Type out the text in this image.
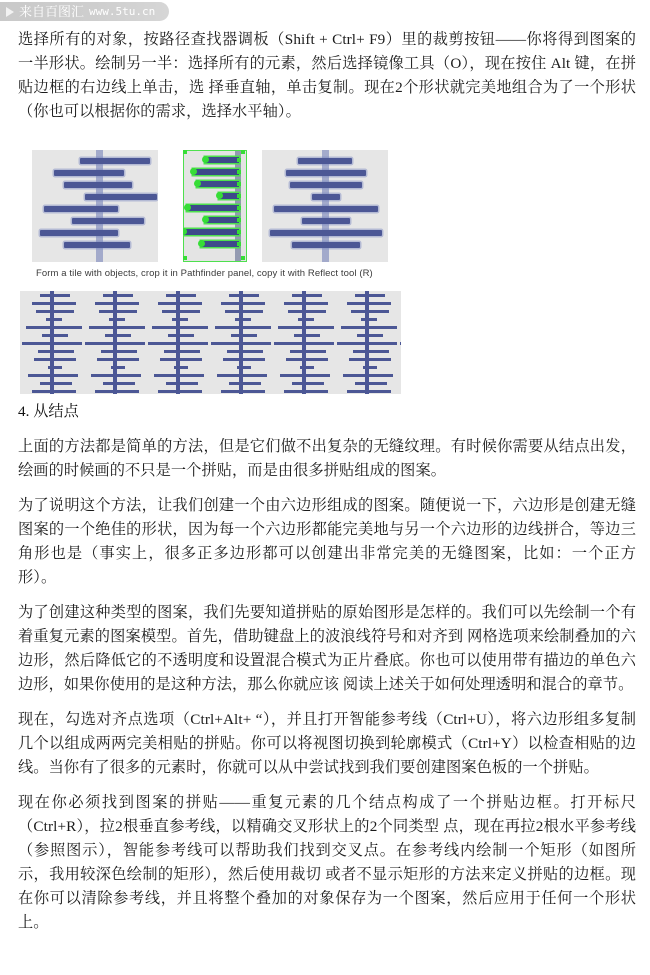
来自百图汇 www.5tu.cn

选择所有的对象，按路径查找器调板（Shift + Ctrl+ F9）里的裁剪按钮——你将得到图案的一半形状。绘制另一半：选择所有的元素，然后选择镜像工具（O），现在按住 Alt 键，在拼贴边框的右边线上单击，选 择垂直轴，单击复制。现在2个形状就完美地组合为了一个形状（你也可以根据你的需求，选择水平轴）。

4. 从结点

上面的方法都是简单的方法，但是它们做不出复杂的无缝纹理。有时候你需要从结点出发，绘画的时候画的不只是一个拼贴，而是由很多拼贴组成的图案。

为了说明这个方法，让我们创建一个由六边形组成的图案。随便说一下，六边形是创建无缝图案的一个绝佳的形状，因为每一个六边形都能完美地与另一个六边形的边线拼合，等边三角形也是（事实上，很多正多边形都可以创建出非常完美的无缝图案，比如：一个正方形）。

为了创建这种类型的图案，我们先要知道拼贴的原始图形是怎样的。我们可以先绘制一个有着重复元素的图案模型。首先，借助键盘上的波浪线符号和对齐到 网格选项来绘制叠加的六边形，然后降低它的不透明度和设置混合模式为正片叠底。你也可以使用带有描边的单色六边形，如果你使用的是这种方法，那么你就应该 阅读上述关于如何处理透明和混合的章节。

现在，勾选对齐点选项（Ctrl+Alt+ “），并且打开智能参考线（Ctrl+U），将六边形组多复制几个以组成两两完美相贴的拼贴。你可以将视图切换到轮廓模式（Ctrl+Y）以检查相贴的边线。当你有了很多的元素时，你就可以从中尝试找到我们要创建图案色板的一个拼贴。

现在你必须找到图案的拼贴——重复元素的几个结点构成了一个拼贴边框。打开标尺（Ctrl+R），拉2根垂直参考线，以精确交叉形状上的2个同类型 点，现在再拉2根水平参考线（参照图示），智能参考线可以帮助我们找到交叉点。在参考线内绘制一个矩形（如图所示，我用较深色绘制的矩形），然后使用裁切 或者不显示矩形的方法来定义拼贴的边框。现在你可以清除参考线，并且将整个叠加的对象保存为一个图案，然后应用于任何一个形状上。

Form a tile with objects, crop it in Pathfinder panel, copy it with Reflect tool (R)
